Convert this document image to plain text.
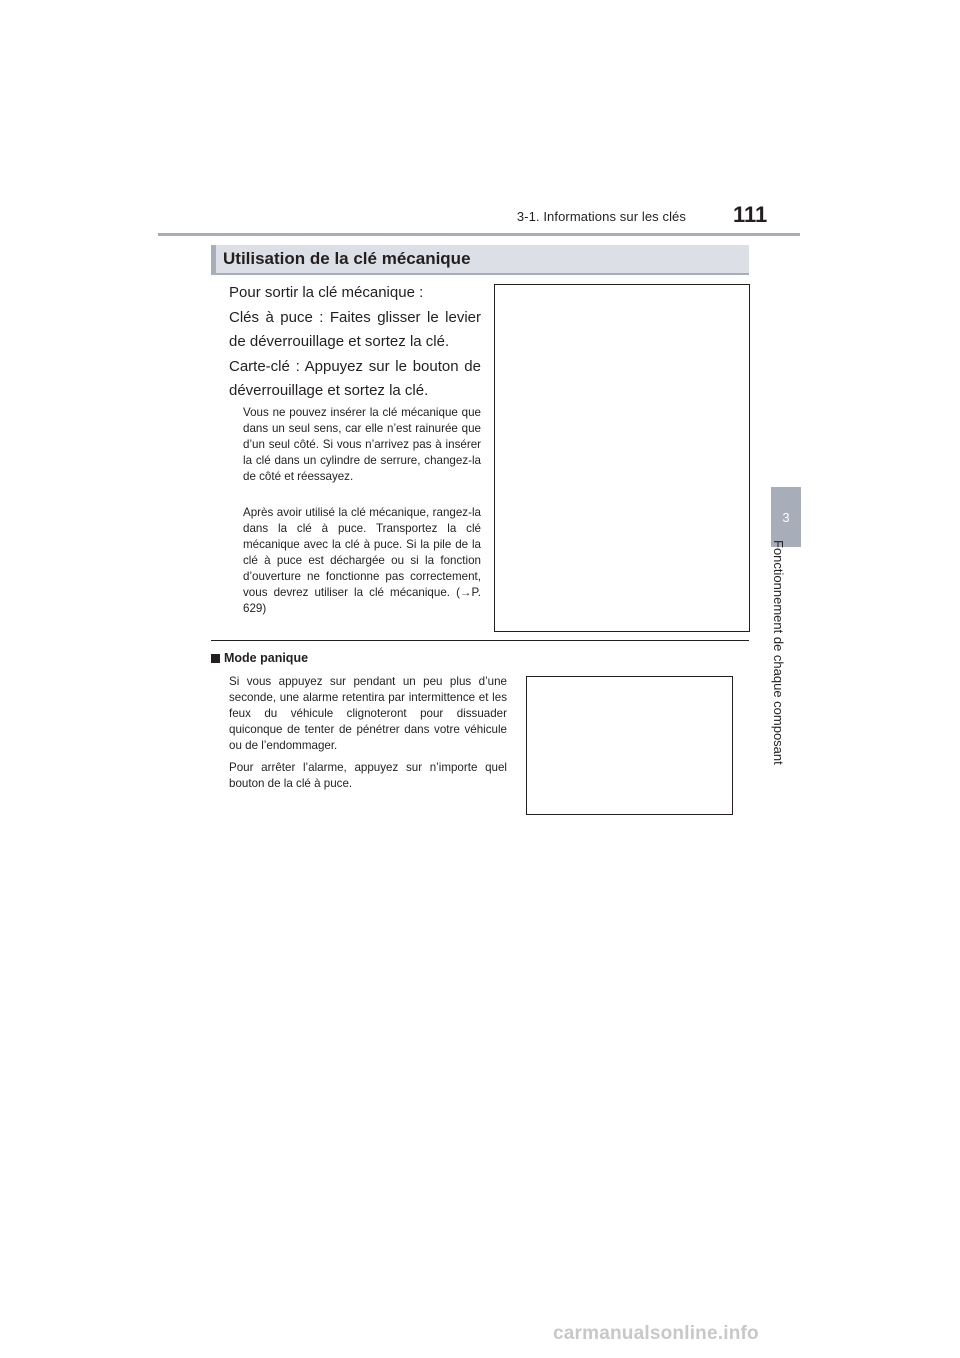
3-1. Informations sur les clés 111
3
Fonctionnement de chaque composant
Utilisation de la clé mécanique
Pour sortir la clé mécanique :
Clés à puce : Faites glisser le levier de déverrouillage et sortez la clé.
Carte-clé : Appuyez sur le bouton de déverrouillage et sortez la clé.
Vous ne pouvez insérer la clé mécanique que dans un seul sens, car elle n’est rainurée que d’un seul côté. Si vous n’arrivez pas à insérer la clé dans un cylindre de serrure, changez-la de côté et réessayez.
Après avoir utilisé la clé mécanique, rangez-la dans la clé à puce. Transportez la clé mécanique avec la clé à puce. Si la pile de la clé à puce est déchargée ou si la fonction d’ouverture ne fonctionne pas correctement, vous devrez utiliser la clé mécanique. (→P. 629)
Mode panique
Si vous appuyez sur pendant un peu plus d’une seconde, une alarme retentira par intermittence et les feux du véhicule clignoteront pour dissuader quiconque de tenter de pénétrer dans votre véhicule ou de l’endommager.
Pour arrêter l’alarme, appuyez sur n’importe quel bouton de la clé à puce.
carmanualsonline.info
